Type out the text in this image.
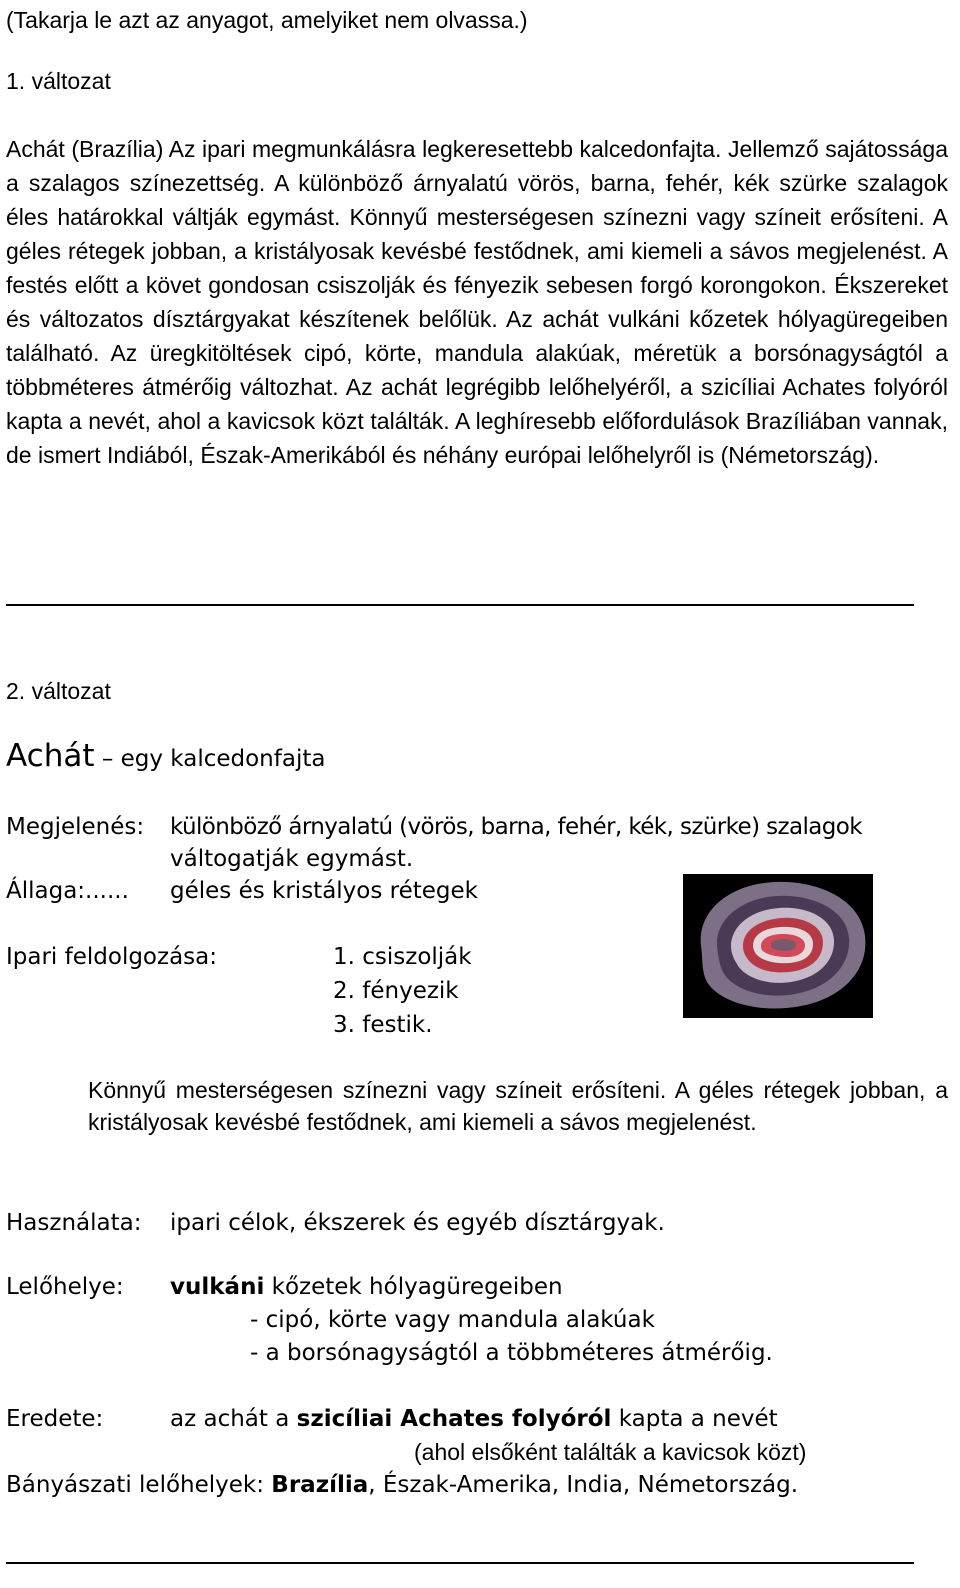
(Takarja le azt az anyagot, amelyiket nem olvassa.)
1. változat
Achát (Brazília) Az ipari megmunkálásra legkeresettebb kalcedonfajta. Jellemző sajátossága a szalagos színezettség. A különböző árnyalatú vörös, barna, fehér, kék szürke szalagok éles határokkal váltják egymást. Könnyű mesterségesen színezni vagy színeit erősíteni. A géles rétegek jobban, a kristályosak kevésbé festődnek, ami kiemeli a sávos megjelenést. A festés előtt a követ gondosan csiszolják és fényezik sebesen forgó korongokon. Ékszereket és változatos dísztárgyakat készítenek belőlük. Az achát vulkáni kőzetek hólyagüregeiben található. Az üregkitöltések cipó, körte, mandula alakúak, méretük a borsónagyságtól a többméteres átmérőig változhat. Az achát legrégibb lelőhelyéről, a szicíliai Achates folyóról kapta a nevét, ahol a kavicsok közt találták. A leghíresebb előfordulások Brazíliában vannak, de ismert Indiából, Észak-Amerikából és néhány európai lelőhelyről is (Németország).
2. változat
Achát – egy kalcedonfajta
Megjelenés: különböző árnyalatú (vörös, barna, fehér, kék, szürke) szalagok
váltogatják egymást.
Állaga:...... géles és kristályos rétegek
Ipari feldolgozása:	1. csiszolják
2. fényezik
3. festik.
Könnyű mesterségesen színezni vagy színeit erősíteni. A géles rétegek jobban, a kristályosak kevésbé festődnek, ami kiemeli a sávos megjelenést.
Használata: ipari célok, ékszerek és egyéb dísztárgyak.
Lelőhelye: vulkáni kőzetek hólyagüregeiben
- cipó, körte vagy mandula alakúak
- a borsónagyságtól a többméteres átmérőig.
Eredete:	az achát a szicíliai Achates folyóról kapta a nevét
(ahol elsőként találták a kavicsok közt)
Bányászati lelőhelyek: Brazília, Észak-Amerika, India, Németország.
